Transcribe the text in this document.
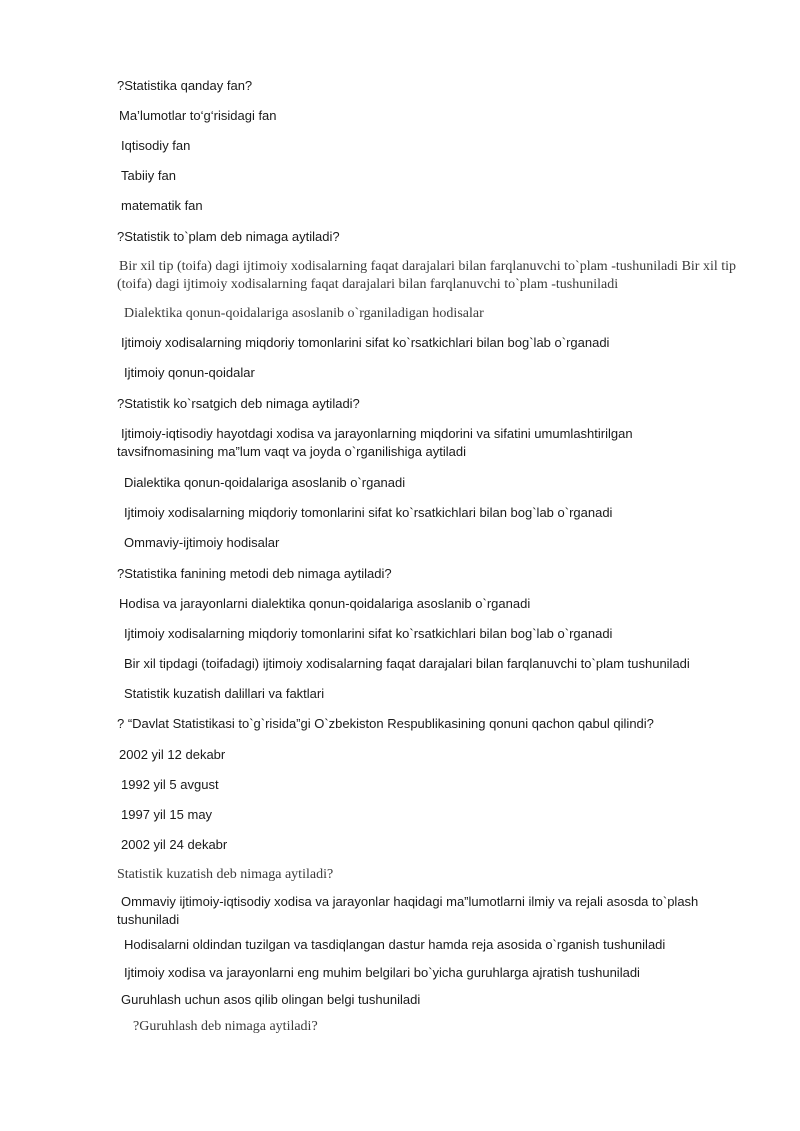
?Statistika qanday fan?
Ma’lumotlar to‘g‘risidagi fan
Iqtisodiy fan
Tabiiy fan
matematik fan
?Statistik to`plam deb nimaga aytiladi?
Bir xil tip (toifa) dagi ijtimoiy xodisalarning faqat darajalari bilan farqlanuvchi to`plam -tushuniladi Bir xil tip (toifa) dagi ijtimoiy xodisalarning faqat darajalari bilan farqlanuvchi to`plam -tushuniladi
Dialektika qonun-qoidalariga asoslanib o`rganiladigan hodisalar
Ijtimoiy xodisalarning miqdoriy tomonlarini sifat ko`rsatkichlari bilan bog`lab o`rganadi
Ijtimoiy qonun-qoidalar
?Statistik ko`rsatgich deb nimaga aytiladi?
Ijtimoiy-iqtisodiy hayotdagi xodisa va jarayonlarning miqdorini va sifatini umumlashtirilgan tavsifnomasining ma”lum vaqt va joyda o`rganilishiga aytiladi
Dialektika qonun-qoidalariga asoslanib o`rganadi
Ijtimoiy xodisalarning miqdoriy tomonlarini sifat ko`rsatkichlari bilan bog`lab o`rganadi
Ommaviy-ijtimoiy hodisalar
?Statistika fanining metodi deb nimaga aytiladi?
Hodisa va jarayonlarni dialektika qonun-qoidalariga asoslanib o`rganadi
Ijtimoiy xodisalarning miqdoriy tomonlarini sifat ko`rsatkichlari bilan bog`lab o`rganadi
Bir xil tipdagi (toifadagi) ijtimoiy xodisalarning faqat darajalari bilan farqlanuvchi to`plam tushuniladi
Statistik kuzatish dalillari va faktlari
? “Davlat Statistikasi to`g`risida”gi O`zbekiston Respublikasining qonuni qachon qabul qilindi?
2002 yil 12 dekabr
1992 yil 5 avgust
1997 yil 15 may
2002 yil 24 dekabr
Statistik kuzatish deb nimaga aytiladi?
Ommaviy ijtimoiy-iqtisodiy xodisa va jarayonlar haqidagi ma”lumotlarni ilmiy va rejali asosda to`plash tushuniladi
Hodisalarni oldindan tuzilgan va tasdiqlangan dastur hamda reja asosida o`rganish tushuniladi
Ijtimoiy xodisa va jarayonlarni eng muhim belgilari bo`yicha guruhlarga ajratish tushuniladi
Guruhlash uchun asos qilib olingan belgi tushuniladi
?Guruhlash deb nimaga aytiladi?
